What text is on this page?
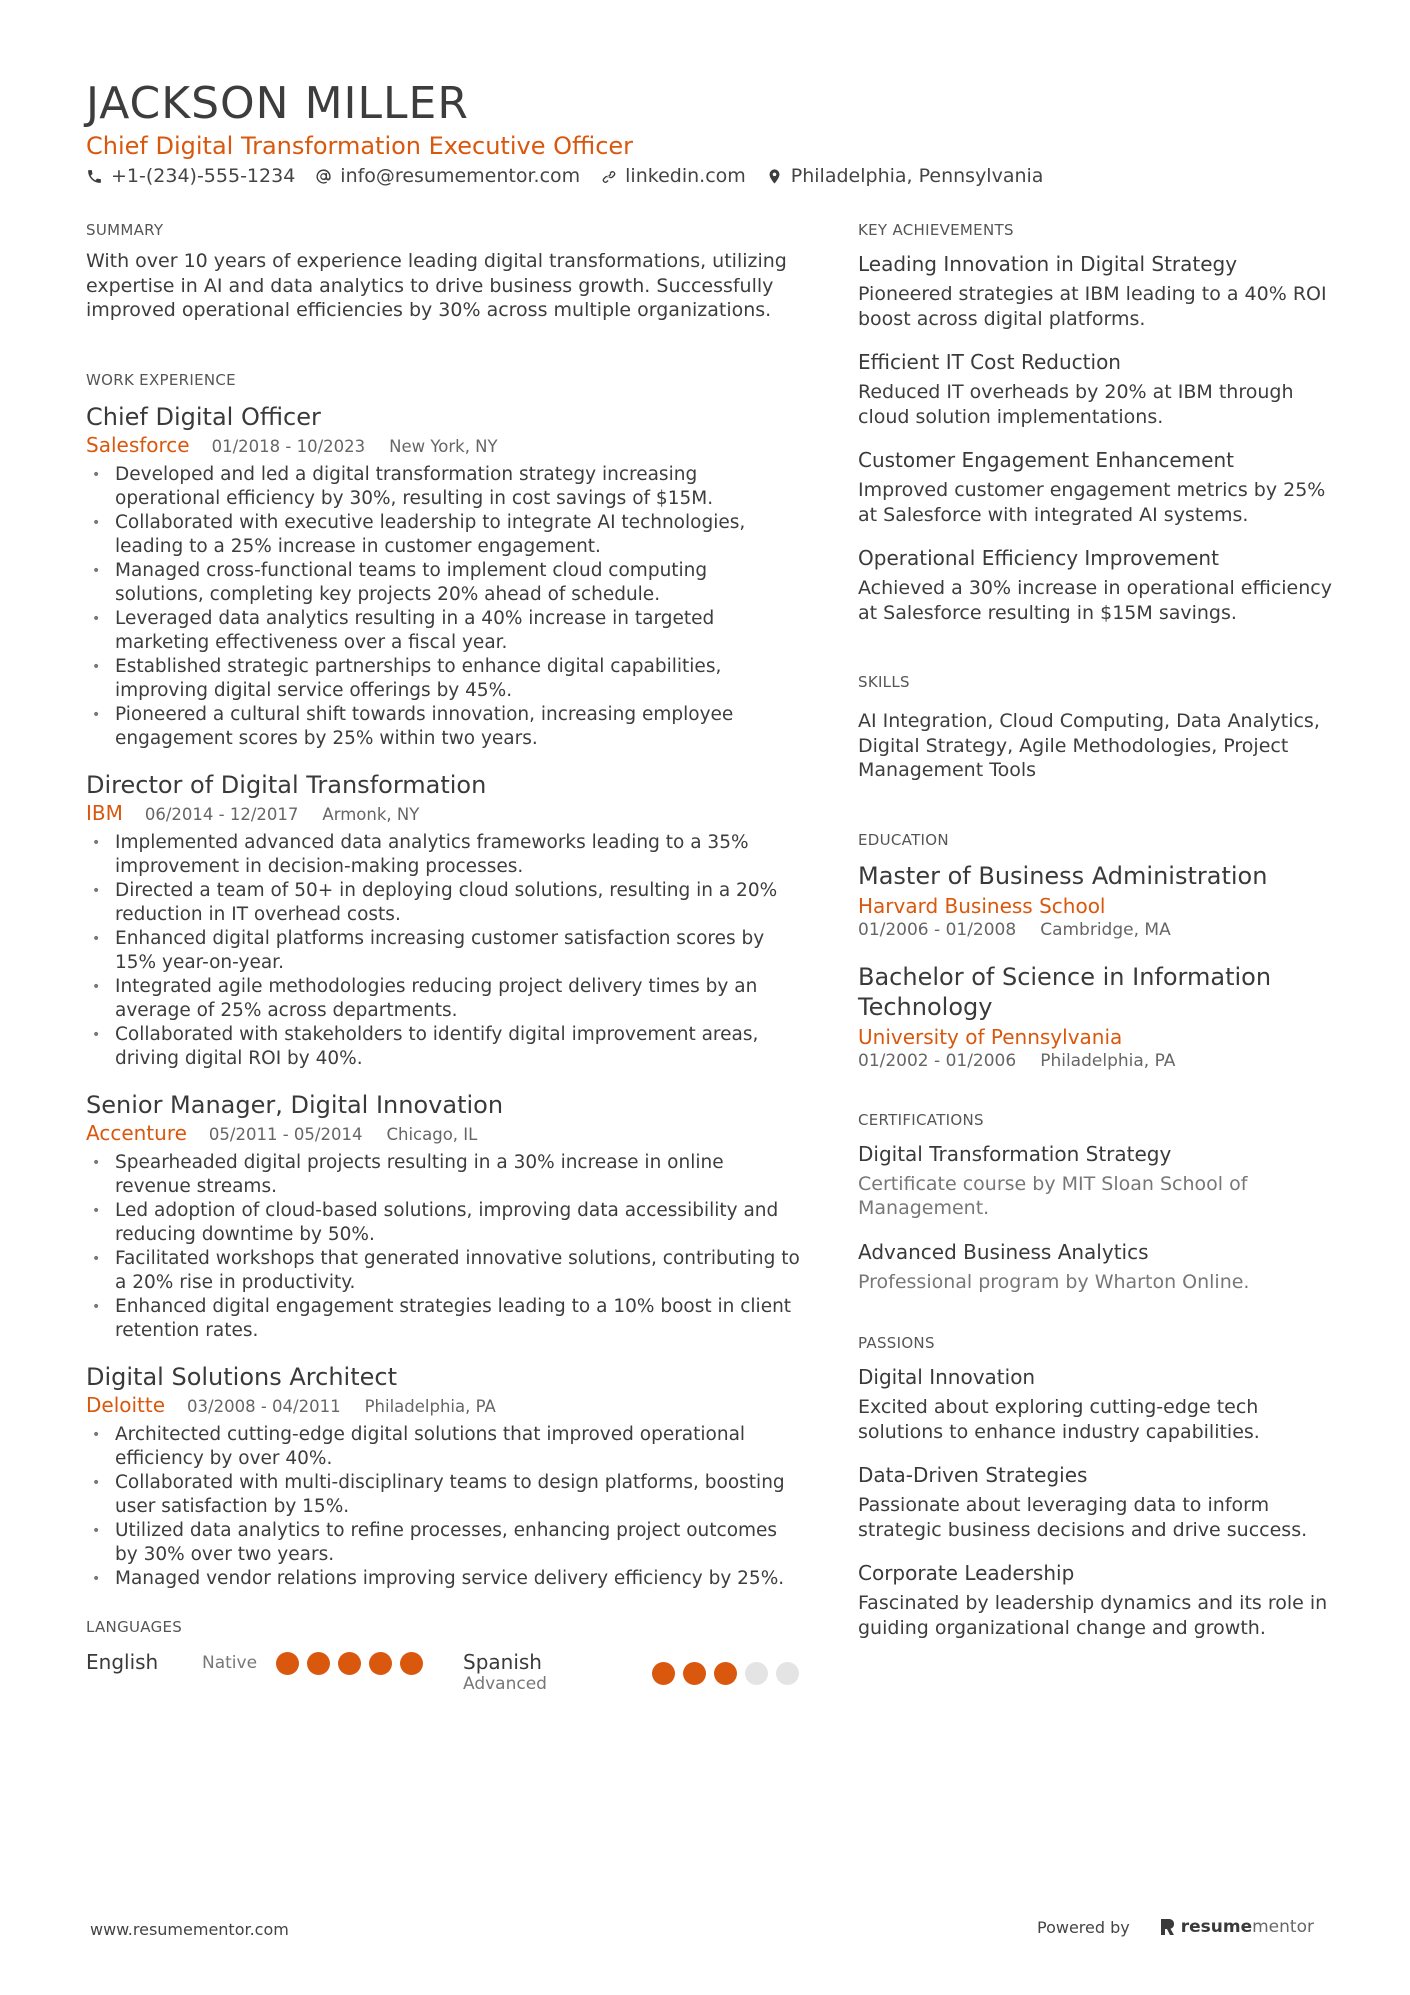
JACKSON MILLER
Chief Digital Transformation Executive Officer
+1-(234)-555-1234 info@resumementor.com linkedin.com Philadelphia, Pennsylvania
SUMMARY
With over 10 years of experience leading digital transformations, utilizing expertise in AI and data analytics to drive business growth. Successfully improved operational efficiencies by 30% across multiple organizations.
WORK EXPERIENCE
Chief Digital Officer
Salesforce 01/2018 - 10/2023 New York, NY
• Developed and led a digital transformation strategy increasing operational efficiency by 30%, resulting in cost savings of $15M.
• Collaborated with executive leadership to integrate AI technologies, leading to a 25% increase in customer engagement.
• Managed cross-functional teams to implement cloud computing solutions, completing key projects 20% ahead of schedule.
• Leveraged data analytics resulting in a 40% increase in targeted marketing effectiveness over a fiscal year.
• Established strategic partnerships to enhance digital capabilities, improving digital service offerings by 45%.
• Pioneered a cultural shift towards innovation, increasing employee engagement scores by 25% within two years.
Director of Digital Transformation
IBM 06/2014 - 12/2017 Armonk, NY
• Implemented advanced data analytics frameworks leading to a 35% improvement in decision-making processes.
• Directed a team of 50+ in deploying cloud solutions, resulting in a 20% reduction in IT overhead costs.
• Enhanced digital platforms increasing customer satisfaction scores by 15% year-on-year.
• Integrated agile methodologies reducing project delivery times by an average of 25% across departments.
• Collaborated with stakeholders to identify digital improvement areas, driving digital ROI by 40%.
Senior Manager, Digital Innovation
Accenture 05/2011 - 05/2014 Chicago, IL
• Spearheaded digital projects resulting in a 30% increase in online revenue streams.
• Led adoption of cloud-based solutions, improving data accessibility and reducing downtime by 50%.
• Facilitated workshops that generated innovative solutions, contributing to a 20% rise in productivity.
• Enhanced digital engagement strategies leading to a 10% boost in client retention rates.
Digital Solutions Architect
Deloitte 03/2008 - 04/2011 Philadelphia, PA
• Architected cutting-edge digital solutions that improved operational efficiency by over 40%.
• Collaborated with multi-disciplinary teams to design platforms, boosting user satisfaction by 15%.
• Utilized data analytics to refine processes, enhancing project outcomes by 30% over two years.
• Managed vendor relations improving service delivery efficiency by 25%.
LANGUAGES
English	Native	Spanish
Advanced
KEY ACHIEVEMENTS
Leading Innovation in Digital Strategy
Pioneered strategies at IBM leading to a 40% ROI boost across digital platforms.
Efficient IT Cost Reduction
Reduced IT overheads by 20% at IBM through cloud solution implementations.
Customer Engagement Enhancement
Improved customer engagement metrics by 25% at Salesforce with integrated AI systems.
Operational Efficiency Improvement
Achieved a 30% increase in operational efficiency at Salesforce resulting in $15M savings.
SKILLS
AI Integration, Cloud Computing, Data Analytics, Digital Strategy, Agile Methodologies, Project Management Tools
EDUCATION
Master of Business Administration
Harvard Business School
01/2006 - 01/2008 Cambridge, MA
Bachelor of Science in Information Technology
University of Pennsylvania
01/2002 - 01/2006 Philadelphia, PA
CERTIFICATIONS
Digital Transformation Strategy
Certificate course by MIT Sloan School of Management.
Advanced Business Analytics
Professional program by Wharton Online.
PASSIONS
Digital Innovation
Excited about exploring cutting-edge tech solutions to enhance industry capabilities.
Data-Driven Strategies
Passionate about leveraging data to inform strategic business decisions and drive success.
Corporate Leadership
Fascinated by leadership dynamics and its role in guiding organizational change and growth.
www.resumementor.com	Powered by	resume mentor
